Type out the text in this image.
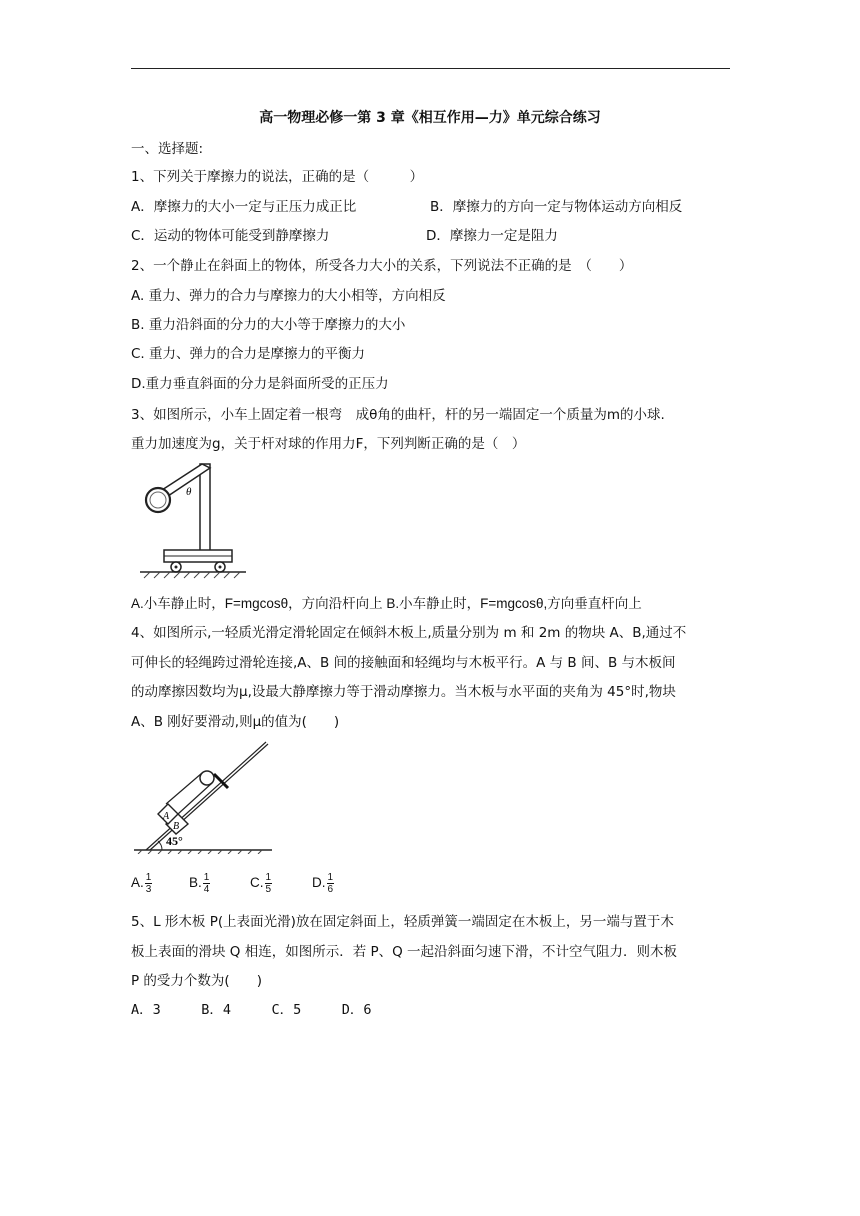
高一物理必修一第 3 章《相互作用—力》单元综合练习
一、选择题:
1、下列关于摩擦力的说法，正确的是（　　　）
A．摩擦力的大小一定与正压力成正比	B．摩擦力的方向一定与物体运动方向相反
C．运动的物体可能受到静摩擦力	D．摩擦力一定是阻力
2、一个静止在斜面上的物体，所受各力大小的关系，下列说法不正确的是　（　　）
A. 重力、弹力的合力与摩擦力的大小相等，方向相反
B. 重力沿斜面的分力的大小等于摩擦力的大小
C. 重力、弹力的合力是摩擦力的平衡力
D.重力垂直斜面的分力是斜面所受的正压力
3、如图所示，小车上固定着一根弯　成θ角的曲杆，杆的另一端固定一个质量为m的小球.
重力加速度为g，关于杆对球的作用力F，下列判断正确的是（　）
θ
A.小车静止时，F=mgcosθ，方向沿杆向上 B.小车静止时，F=mgcosθ,方向垂直杆向上
4、如图所示,一轻质光滑定滑轮固定在倾斜木板上,质量分别为 m 和 2m 的物块 A、B,通过不
可伸长的轻绳跨过滑轮连接,A、B 间的接触面和轻绳均与木板平行。A 与 B 间、B 与木板间
的动摩擦因数均为μ,设最大静摩擦力等于滑动摩擦力。当木板与水平面的夹角为 45°时,物块
A、B 刚好要滑动,则μ的值为(　　)
A
B
45°
A. $\frac{1}{3}$	B. $\frac{1}{4}$	C. $\frac{1}{5}$	D. $\frac{1}{6}$
5、L 形木板 P(上表面光滑)放在固定斜面上，轻质弹簧一端固定在木板上，另一端与置于木
板上表面的滑块 Q 相连，如图所示．若 P、Q 一起沿斜面匀速下滑，不计空气阻力．则木板
P 的受力个数为(　　)
A．3　　　B．4　　　C．5　　　D．6
